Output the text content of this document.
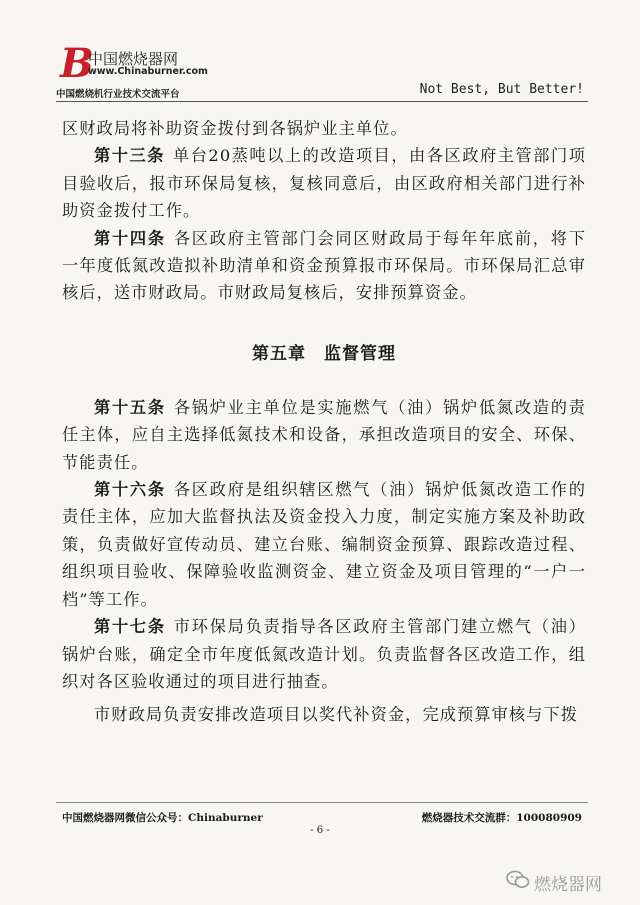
B
中国燃烧器网
www.Chinaburner.com
中国燃烧机行业技术交流平台	Not Best, But Better!

区财政局将补助资金拨付到各锅炉业主单位。

第十三条 单台20蒸吨以上的改造项目，由各区政府主管部门项目验收后，报市环保局复核，复核同意后，由区政府相关部门进行补助资金拨付工作。

第十四条 各区政府主管部门会同区财政局于每年年底前，将下一年度低氮改造拟补助清单和资金预算报市环保局。市环保局汇总审核后，送市财政局。市财政局复核后，安排预算资金。

第五章　监督管理

第十五条 各锅炉业主单位是实施燃气（油）锅炉低氮改造的责任主体，应自主选择低氮技术和设备，承担改造项目的安全、环保、节能责任。

第十六条 各区政府是组织辖区燃气（油）锅炉低氮改造工作的责任主体，应加大监督执法及资金投入力度，制定实施方案及补助政策，负责做好宣传动员、建立台账、编制资金预算、跟踪改造过程、组织项目验收、保障验收监测资金、建立资金及项目管理的“一户一档”等工作。

第十七条 市环保局负责指导各区政府主管部门建立燃气（油）锅炉台账，确定全市年度低氮改造计划。负责监督各区改造工作，组织对各区验收通过的项目进行抽查。

市财政局负责安排改造项目以奖代补资金，完成预算审核与下拨

中国燃烧器网微信公众号：Chinaburner	燃烧器技术交流群：100080909
- 6 -
燃烧器网
